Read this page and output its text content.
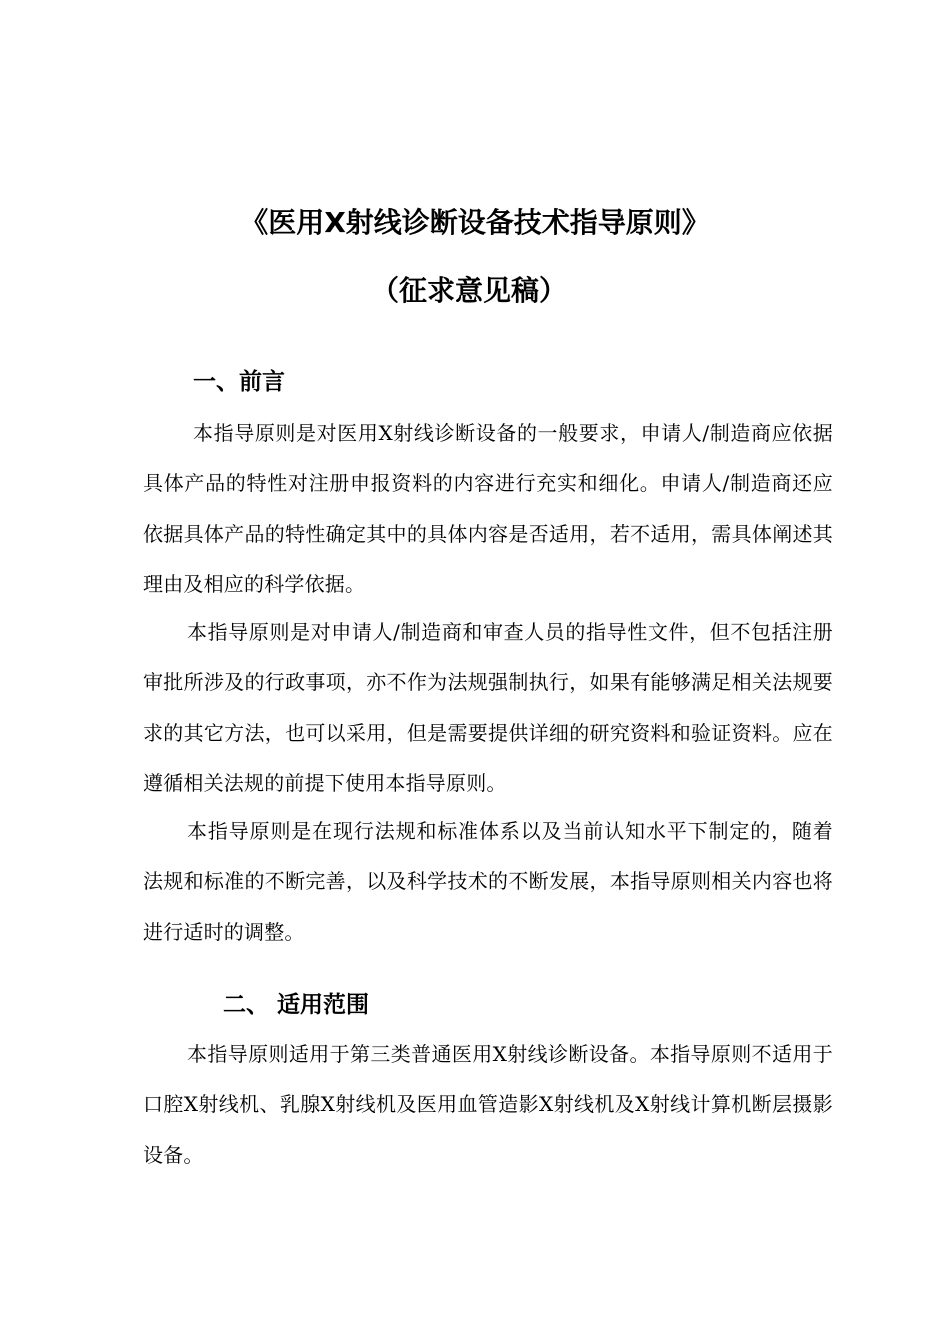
《医用X射线诊断设备技术指导原则》
（征求意见稿）
一、前言

本指导原则是对医用X射线诊断设备的一般要求，申请人/制造商应依据具体产品的特性对注册申报资料的内容进行充实和细化。申请人/制造商还应依据具体产品的特性确定其中的具体内容是否适用，若不适用，需具体阐述其理由及相应的科学依据。

本指导原则是对申请人/制造商和审查人员的指导性文件，但不包括注册审批所涉及的行政事项，亦不作为法规强制执行，如果有能够满足相关法规要求的其它方法，也可以采用，但是需要提供详细的研究资料和验证资料。应在遵循相关法规的前提下使用本指导原则。

本指导原则是在现行法规和标准体系以及当前认知水平下制定的，随着法规和标准的不断完善，以及科学技术的不断发展，本指导原则相关内容也将进行适时的调整。

二、 适用范围

本指导原则适用于第三类普通医用X射线诊断设备。本指导原则不适用于口腔X射线机、乳腺X射线机及医用血管造影X射线机及X射线计算机断层摄影设备。
